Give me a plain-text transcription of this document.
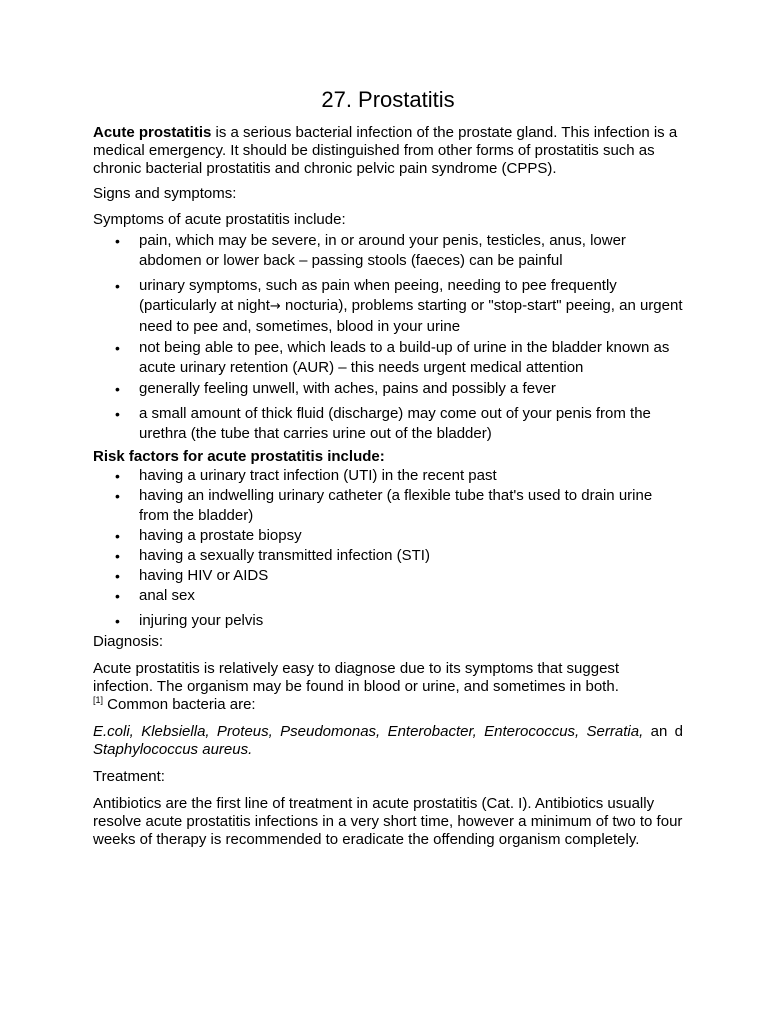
27. Prostatitis

Acute prostatitis is a serious bacterial infection of the prostate gland. This infection is a medical emergency. It should be distinguished from other forms of prostatitis such as chronic bacterial prostatitis and chronic pelvic pain syndrome (CPPS).

Signs and symptoms:

Symptoms of acute prostatitis include:

• pain, which may be severe, in or around your penis, testicles, anus, lower abdomen or lower back – passing stools (faeces) can be painful
• urinary symptoms, such as pain when peeing, needing to pee frequently (particularly at night→ nocturia), problems starting or "stop-start" peeing, an urgent need to pee and, sometimes, blood in your urine
• not being able to pee, which leads to a build-up of urine in the bladder known as acute urinary retention (AUR) – this needs urgent medical attention
• generally feeling unwell, with aches, pains and possibly a fever
• a small amount of thick fluid (discharge) may come out of your penis from the urethra (the tube that carries urine out of the bladder)

Risk factors for acute prostatitis include:

• having a urinary tract infection (UTI) in the recent past
• having an indwelling urinary catheter (a flexible tube that's used to drain urine from the bladder)
• having a prostate biopsy
• having a sexually transmitted infection (STI)
• having HIV or AIDS
• anal sex
• injuring your pelvis

Diagnosis:

Acute prostatitis is relatively easy to diagnose due to its symptoms that suggest infection. The organism may be found in blood or urine, and sometimes in both.
[1] Common bacteria are:

E.coli, Klebsiella, Proteus, Pseudomonas, Enterobacter, Enterococcus, Serratia, an d Staphylococcus aureus.

Treatment:

Antibiotics are the first line of treatment in acute prostatitis (Cat. I). Antibiotics usually resolve acute prostatitis infections in a very short time, however a minimum of two to four weeks of therapy is recommended to eradicate the offending organism completely.
